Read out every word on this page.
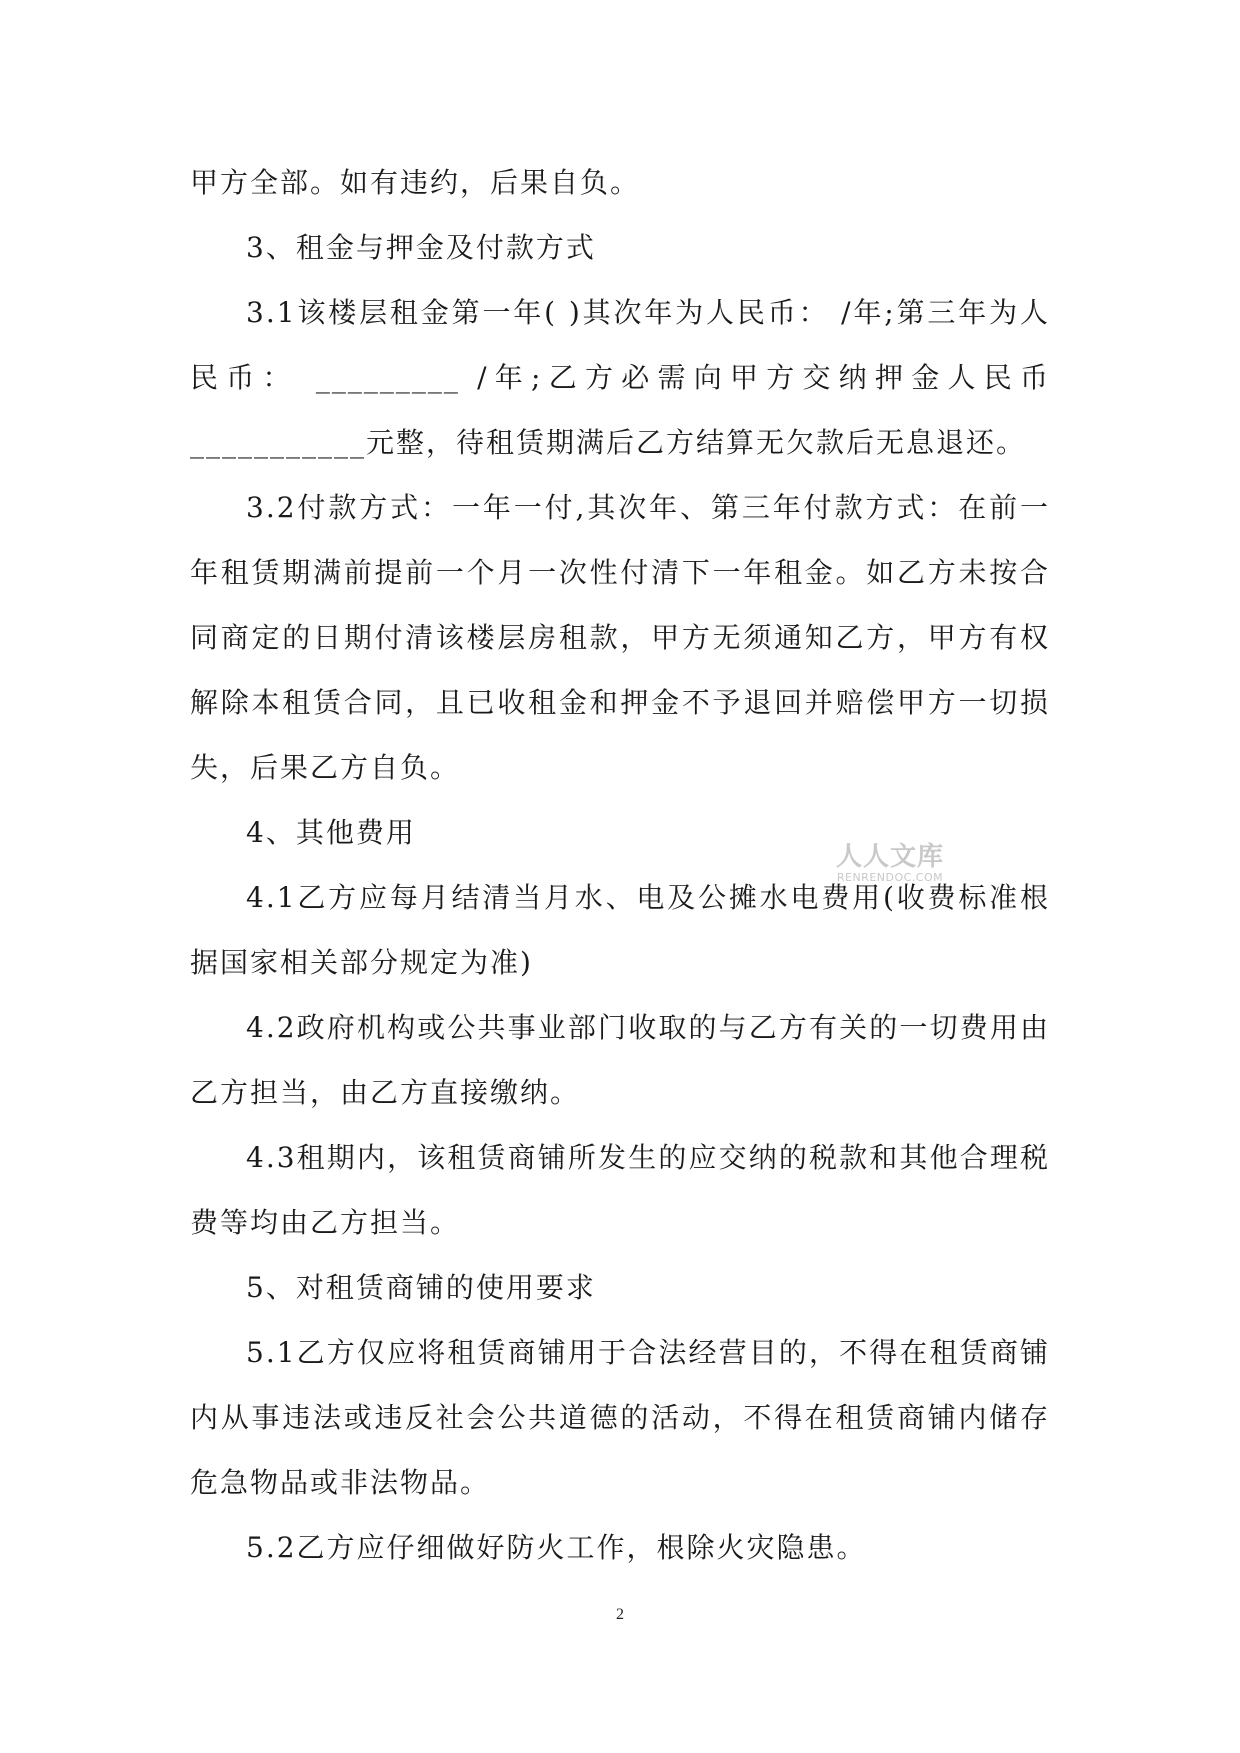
甲方全部。如有违约，后果自负。

3、租金与押金及付款方式

3.1该楼层租金第一年( )其次年为人民币： /年;第三年为人民币： _________ /年;乙方必需向甲方交纳押金人民币___________元整，待租赁期满后乙方结算无欠款后无息退还。

3.2付款方式：一年一付,其次年、第三年付款方式：在前一年租赁期满前提前一个月一次性付清下一年租金。如乙方未按合同商定的日期付清该楼层房租款，甲方无须通知乙方，甲方有权解除本租赁合同，且已收租金和押金不予退回并赔偿甲方一切损失，后果乙方自负。

4、其他费用

4.1乙方应每月结清当月水、电及公摊水电费用(收费标准根据国家相关部分规定为准)

4.2政府机构或公共事业部门收取的与乙方有关的一切费用由乙方担当，由乙方直接缴纳。

4.3租期内，该租赁商铺所发生的应交纳的税款和其他合理税费等均由乙方担当。

5、对租赁商铺的使用要求

5.1乙方仅应将租赁商铺用于合法经营目的，不得在租赁商铺内从事违法或违反社会公共道德的活动，不得在租赁商铺内储存危急物品或非法物品。

5.2乙方应仔细做好防火工作，根除火灾隐患。

人人文库
RENRENDOC.COM
2
